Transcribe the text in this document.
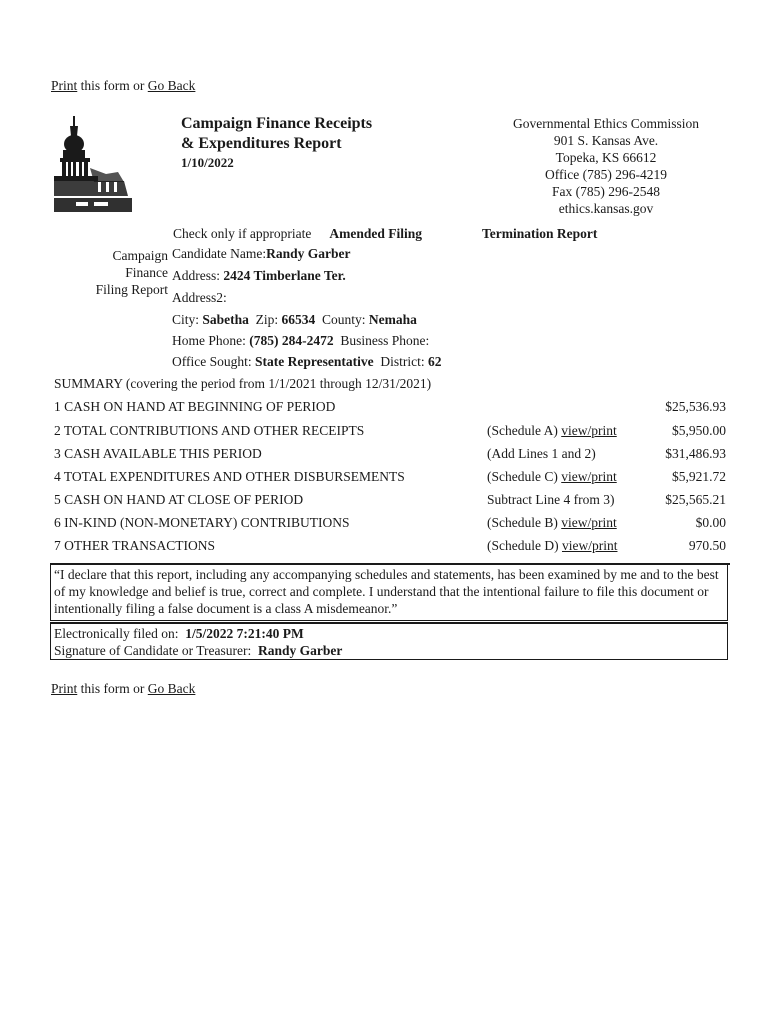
Print this form or Go Back
Campaign Finance Receipts
& Expenditures Report
1/10/2022
Governmental Ethics Commission
901 S. Kansas Ave.
Topeka, KS 66612
Office (785) 296-4219
Fax (785) 296-2548
ethics.kansas.gov
Check only if appropriate Amended Filing	Termination Report
Campaign
Finance
Filing Report
Candidate Name:Randy Garber
Address: 2424 Timberlane Ter.
Address2:
City: Sabetha  Zip: 66534  County: Nemaha
Home Phone: (785) 284-2472  Business Phone:
Office Sought: State Representative  District: 62
SUMMARY (covering the period from 1/1/2021 through 12/31/2021)
1 CASH ON HAND AT BEGINNING OF PERIOD	$25,536.93
2 TOTAL CONTRIBUTIONS AND OTHER RECEIPTS	(Schedule A) view/print	$5,950.00
3 CASH AVAILABLE THIS PERIOD	(Add Lines 1 and 2)	$31,486.93
4 TOTAL EXPENDITURES AND OTHER DISBURSEMENTS	(Schedule C) view/print	$5,921.72
5 CASH ON HAND AT CLOSE OF PERIOD	Subtract Line 4 from 3)	$25,565.21
6 IN-KIND (NON-MONETARY) CONTRIBUTIONS	(Schedule B) view/print	$0.00
7 OTHER TRANSACTIONS	(Schedule D) view/print	970.50
“I declare that this report, including any accompanying schedules and statements, has been examined by me and to the best of my knowledge and belief is true, correct and complete. I understand that the intentional failure to file this document or intentionally filing a false document is a class A misdemeanor.”
Electronically filed on:  1/5/2022 7:21:40 PM
Signature of Candidate or Treasurer:  Randy Garber
Print this form or Go Back
